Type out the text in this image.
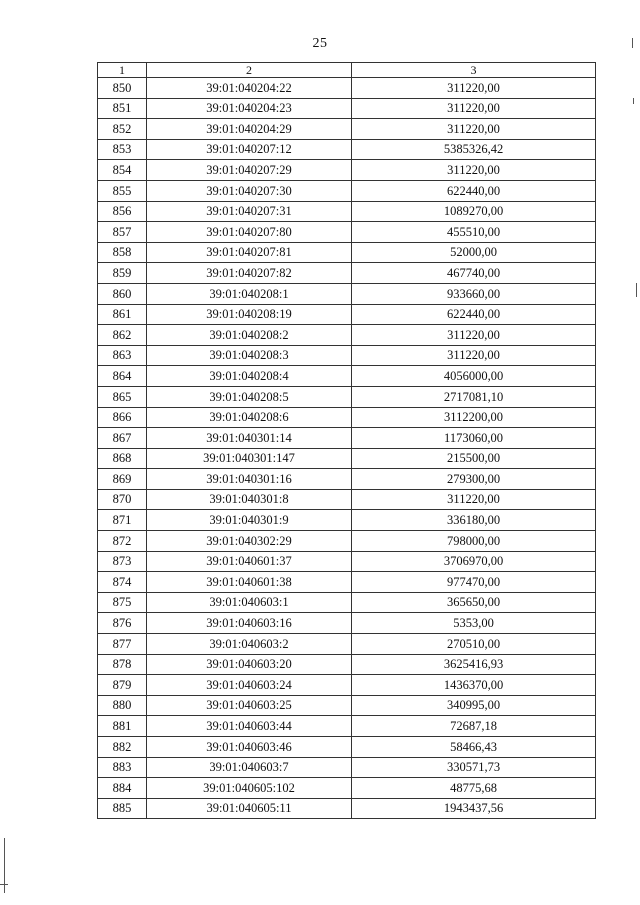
25
1	2	3
850	39:01:040204:22	311220,00
851	39:01:040204:23	311220,00
852	39:01:040204:29	311220,00
853	39:01:040207:12	5385326,42
854	39:01:040207:29	311220,00
855	39:01:040207:30	622440,00
856	39:01:040207:31	1089270,00
857	39:01:040207:80	455510,00
858	39:01:040207:81	52000,00
859	39:01:040207:82	467740,00
860	39:01:040208:1	933660,00
861	39:01:040208:19	622440,00
862	39:01:040208:2	311220,00
863	39:01:040208:3	311220,00
864	39:01:040208:4	4056000,00
865	39:01:040208:5	2717081,10
866	39:01:040208:6	3112200,00
867	39:01:040301:14	1173060,00
868	39:01:040301:147	215500,00
869	39:01:040301:16	279300,00
870	39:01:040301:8	311220,00
871	39:01:040301:9	336180,00
872	39:01:040302:29	798000,00
873	39:01:040601:37	3706970,00
874	39:01:040601:38	977470,00
875	39:01:040603:1	365650,00
876	39:01:040603:16	5353,00
877	39:01:040603:2	270510,00
878	39:01:040603:20	3625416,93
879	39:01:040603:24	1436370,00
880	39:01:040603:25	340995,00
881	39:01:040603:44	72687,18
882	39:01:040603:46	58466,43
883	39:01:040603:7	330571,73
884	39:01:040605:102	48775,68
885	39:01:040605:11	1943437,56
